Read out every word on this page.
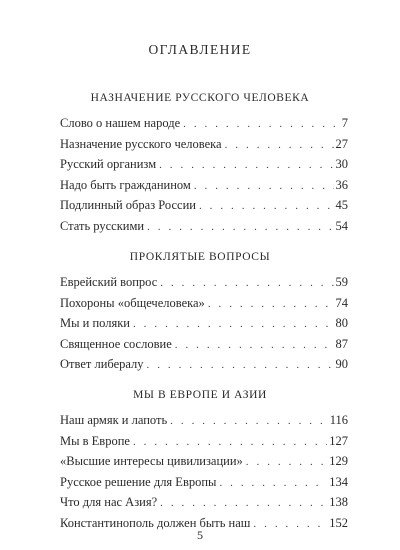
ОГЛАВЛЕНИЕ
НАЗНАЧЕНИЕ РУССКОГО ЧЕЛОВЕКА
Слово о нашем народе . . .	7
Назначение русского человека . . .	27
Русский организм . . .	30
Надо быть гражданином . . .	36
Подлинный образ России . . .	45
Стать русскими . . .	54
ПРОКЛЯТЫЕ ВОПРОСЫ
Еврейский вопрос . . .	59
Похороны «общечеловека» . . .	74
Мы и поляки . . .	80
Священное сословие . . .	87
Ответ либералу . . .	90
МЫ В ЕВРОПЕ И АЗИИ
Наш армяк и лапоть . . .	116
Мы в Европе . . .	127
«Высшие интересы цивилизации» . . .	129
Русское решение для Европы . . .	134
Что для нас Азия? . . .	138
Константинополь должен быть наш . . .	152
5
